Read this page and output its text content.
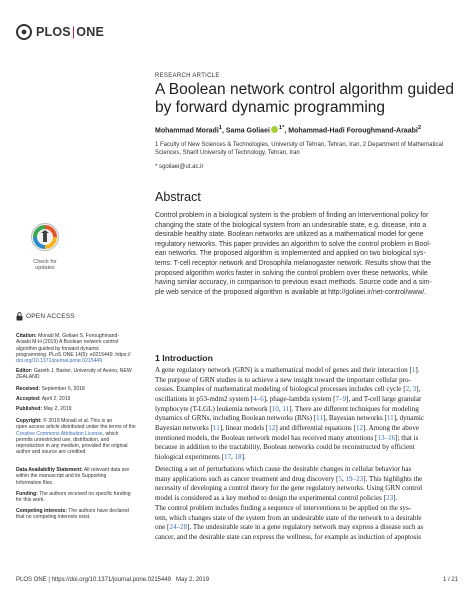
PLOS|ONE
RESEARCH ARTICLE
A Boolean network control algorithm guided by forward dynamic programming
Mohammad Moradi$^1$, Sama Goliaei $^{1*}$, Mohammad-Hadi Foroughmand-Araabi$^2$
1 Faculty of New Sciences & Technologies, University of Tehran, Tehran, Iran, 2 Department of Mathematical Sciences, Sharif University of Technology, Tehran, Iran
* sgoliaei@ut.ac.ir
Abstract
Control problem in a biological system is the problem of finding an interventional policy for
changing the state of the biological system from an undesirable state, e.g. disease, into a
desirable healthy state. Boolean networks are utilized as a mathematical model for gene
regulatory networks. This paper provides an algorithm to solve the control problem in Bool-
ean networks. The proposed algorithm is implemented and applied on two biological sys-
tems: T-cell receptor network and Drosophila melanogaster network. Results show that the
proposed algorithm works faster in solving the control problem over these networks, while
having similar accuracy, in comparison to previous exact methods. Source code and a sim-
ple web service of the proposed algorithm is available at http://goliaei.ir/net-control/www/.
Check for
updates
OPEN ACCESS
Citation: Moradi M, Goliaei S, Foroughmand-
Araabi M-H (2019) A Boolean network control
algorithm guided by forward dynamic
programming. PLoS ONE 14(5): e0215449. https://
doi.org/10.1371/journal.pone.0215449
Editor: Gareth J. Baxter, University of Aveiro, NEW
ZEALAND
Received: September 6, 2018
Accepted: April 2, 2019
Published: May 2, 2019
Copyright: © 2019 Moradi et al. This is an
open access article distributed under the terms of the
Creative Commons Attribution License, which
permits unrestricted use, distribution, and
reproduction in any medium, provided the original
author and source are credited.
Data Availability Statement: All relevant data are
within the manuscript and its Supporting
Information files.
Funding: The authors received no specific funding
for this work.
Competing interests: The authors have declared
that no competing interests exist.
1 Introduction
A gene regulatory network (GRN) is a mathematical model of genes and their interaction [1].
The purpose of GRN studies is to achieve a new insight toward the important cellular pro-
cesses. Examples of mathematical modeling of biological processes includes cell cycle [2, 3],
oscillations in p53-mdm2 system [4–6], phage-lambda system [7–9], and T-cell large granular
lymphocyte (T-LGL) leukemia network [10, 11]. There are different techniques for modeling
dynamics of GRNs, including Boolean networks (BNs) [11], Bayesian networks [11], dynamic
Bayesian networks [11], linear models [12] and differential equations [12]. Among the above
mentioned models, the Boolean network model has received many attentions [13–16]; that is
because in addition to the tractability, Boolean networks could be reconstructed by efficient
biological experiments [17, 18].
Detecting a set of perturbations which cause the desirable changes in cellular behavior has
many applications such as cancer treatment and drug discovery [5, 19–23]. This highlights the
necessity of developing a control theory for the gene regulatory networks. Using GRN control
model is considered as a key method to design the experimental control policies [23].
The control problem includes finding a sequence of interventions to be applied on the sys-
tem, which changes state of the system from an undesirable state of the network to a desirable
one [24–28]. The undesirable state in a gene regulatory network may express a disease such as
cancer, and the desirable state can express the wellness, for example as induction of apoptosis
PLOS ONE | https://doi.org/10.1371/journal.pone.0215449 May 2, 2019	1 / 21
